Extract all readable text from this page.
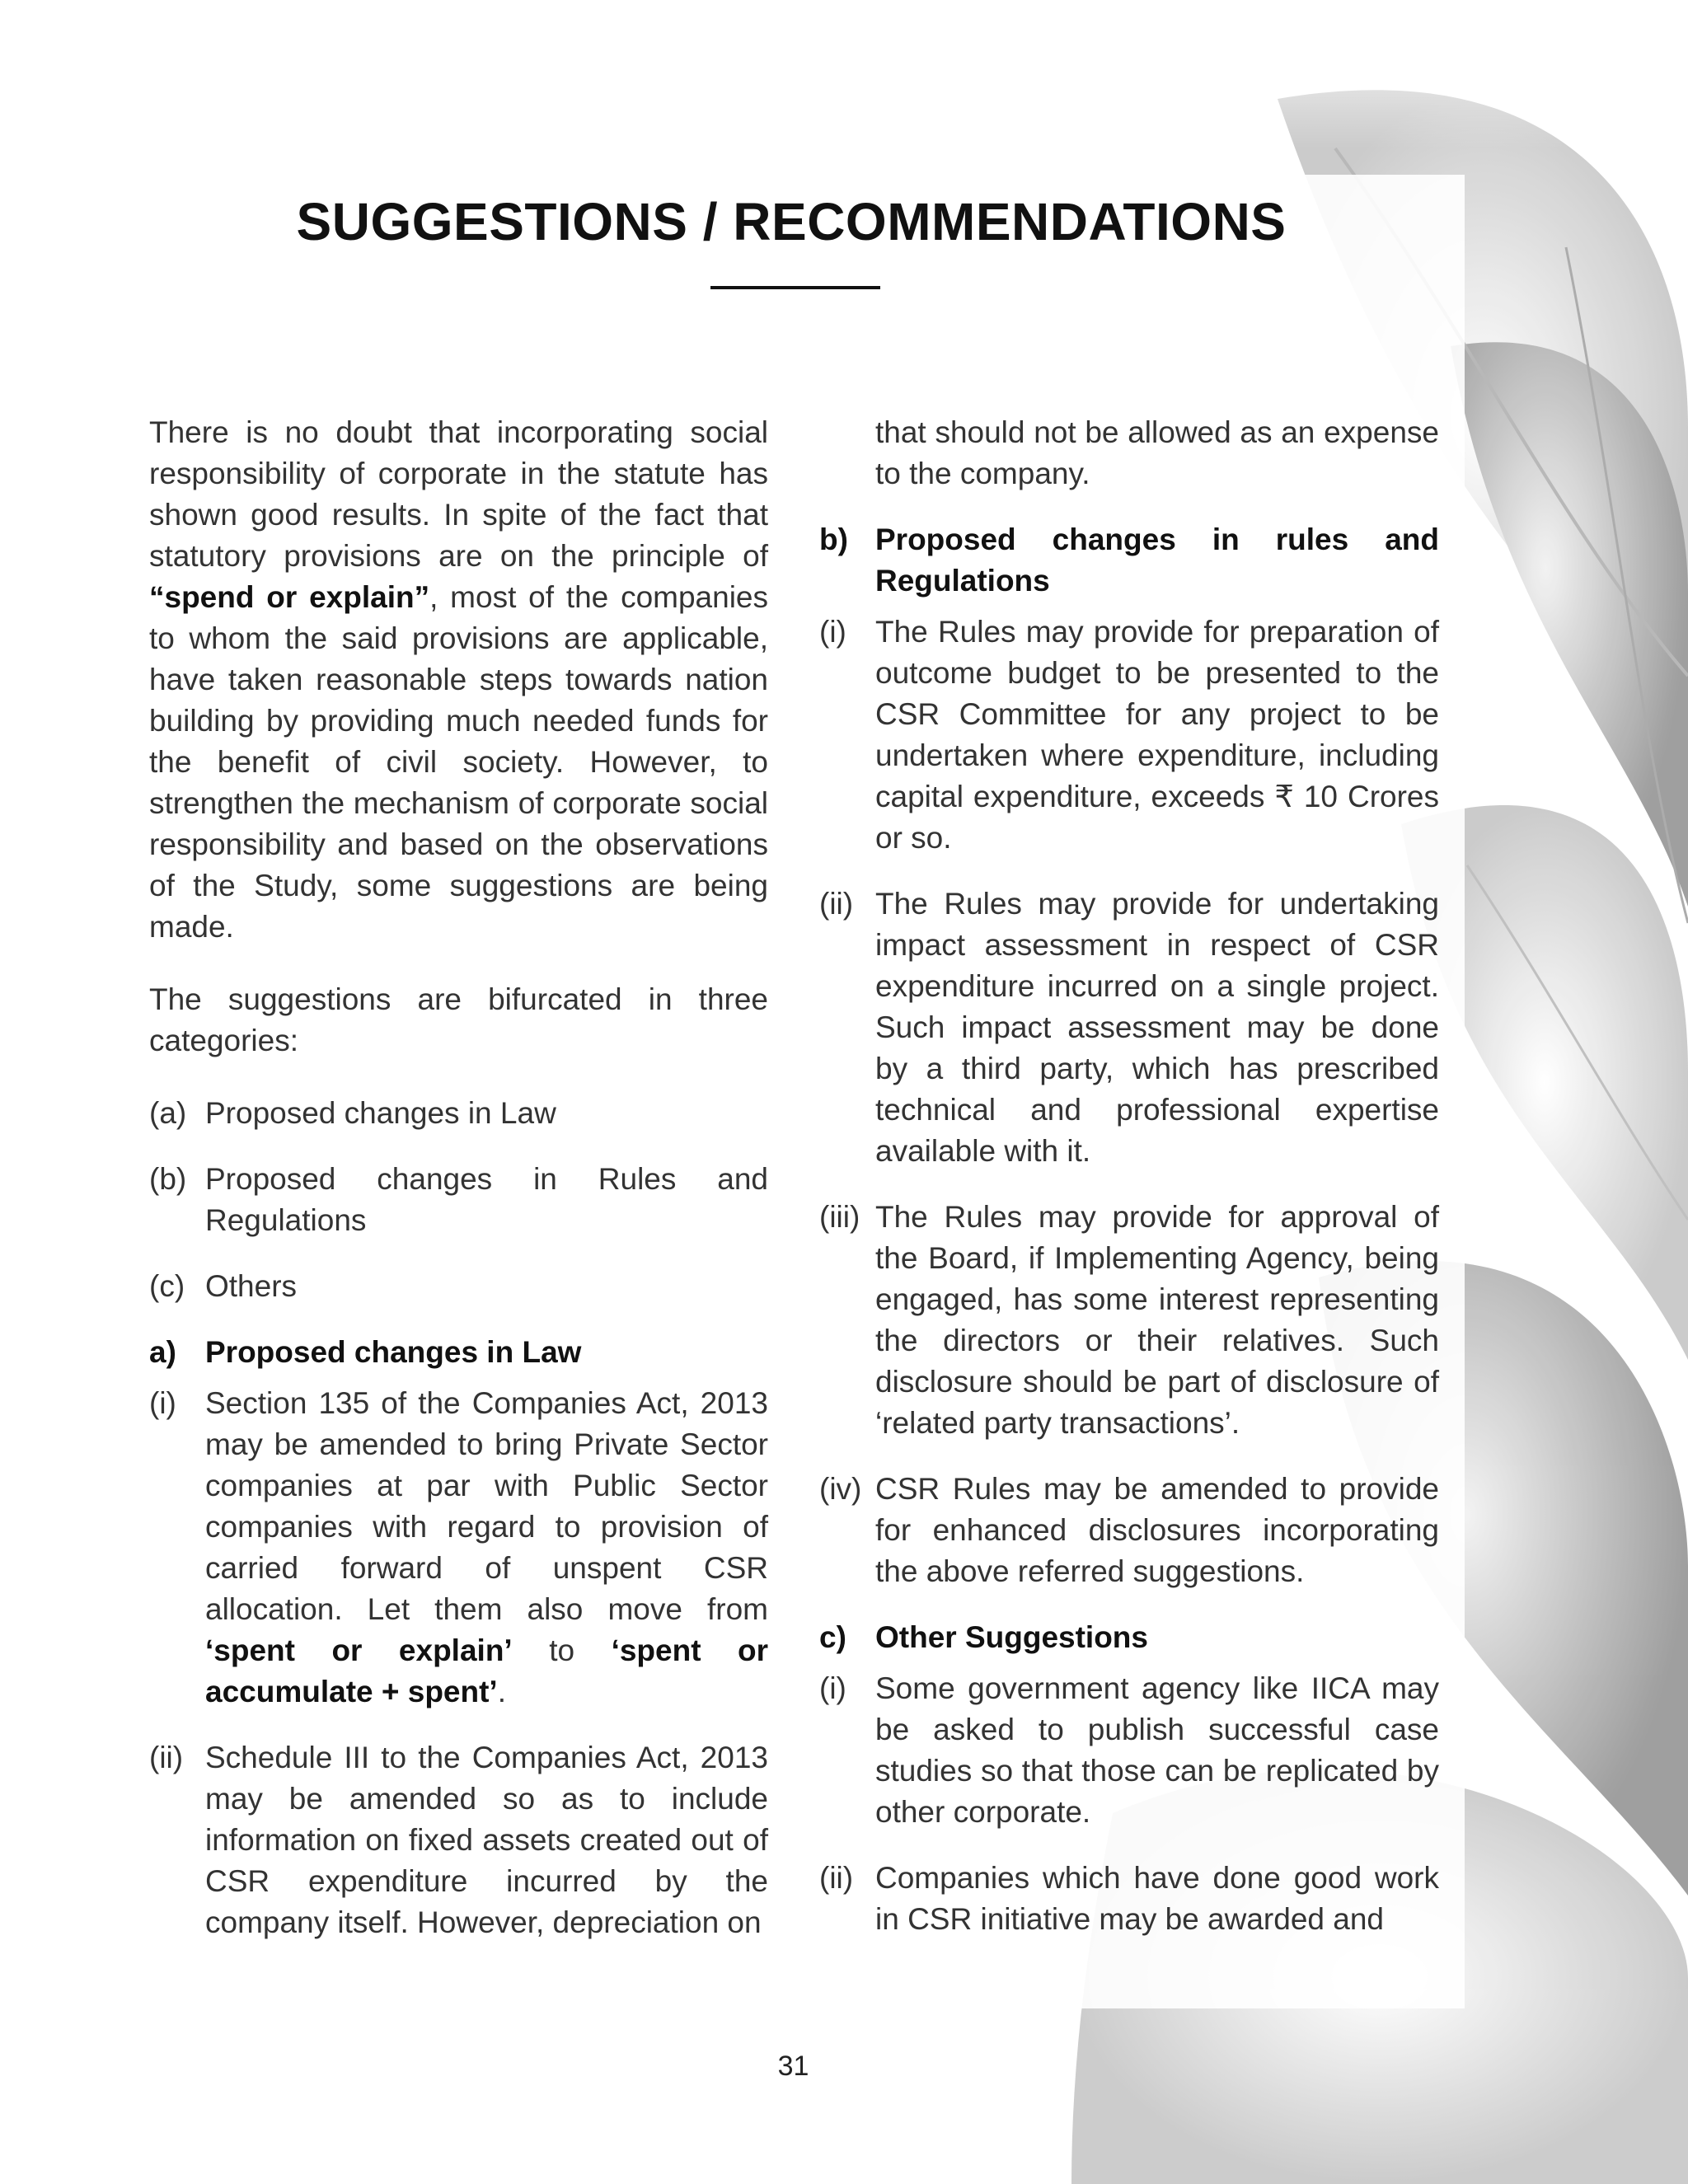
SUGGESTIONS / RECOMMENDATIONS

There is no doubt that incorporating social responsibility of corporate in the statute has shown good results. In spite of the fact that statutory provisions are on the principle of “spend or explain”, most of the companies to whom the said provisions are applicable, have taken reasonable steps towards nation building by providing much needed funds for the benefit of civil society. However, to strengthen the mechanism of corporate social responsibility and based on the observations of the Study, some suggestions are being made.

The suggestions are bifurcated in three categories:

(a) Proposed changes in Law
(b) Proposed changes in Rules and Regulations
(c) Others
a) Proposed changes in Law
(i) Section 135 of the Companies Act, 2013 may be amended to bring Private Sector companies at par with Public Sector companies with regard to provision of carried forward of unspent CSR allocation. Let them also move from ‘spent or explain’ to ‘spent or accumulate + spent’.
(ii) Schedule III to the Companies Act, 2013 may be amended so as to include information on fixed assets created out of CSR expenditure incurred by the company itself. However, depreciation on
that should not be allowed as an expense to the company.
b) Proposed changes in rules and Regulations
(i) The Rules may provide for preparation of outcome budget to be presented to the CSR Committee for any project to be undertaken where expenditure, including capital expenditure, exceeds ₹ 10 Crores or so.
(ii) The Rules may provide for undertaking impact assessment in respect of CSR expenditure incurred on a single project. Such impact assessment may be done by a third party, which has prescribed technical and professional expertise available with it.
(iii) The Rules may provide for approval of the Board, if Implementing Agency, being engaged, has some interest representing the directors or their relatives. Such disclosure should be part of disclosure of ‘related party transactions’.
(iv) CSR Rules may be amended to provide for enhanced disclosures incorporating the above referred suggestions.
c) Other Suggestions
(i) Some government agency like IICA may be asked to publish successful case studies so that those can be replicated by other corporate.
(ii) Companies which have done good work in CSR initiative may be awarded and
31
